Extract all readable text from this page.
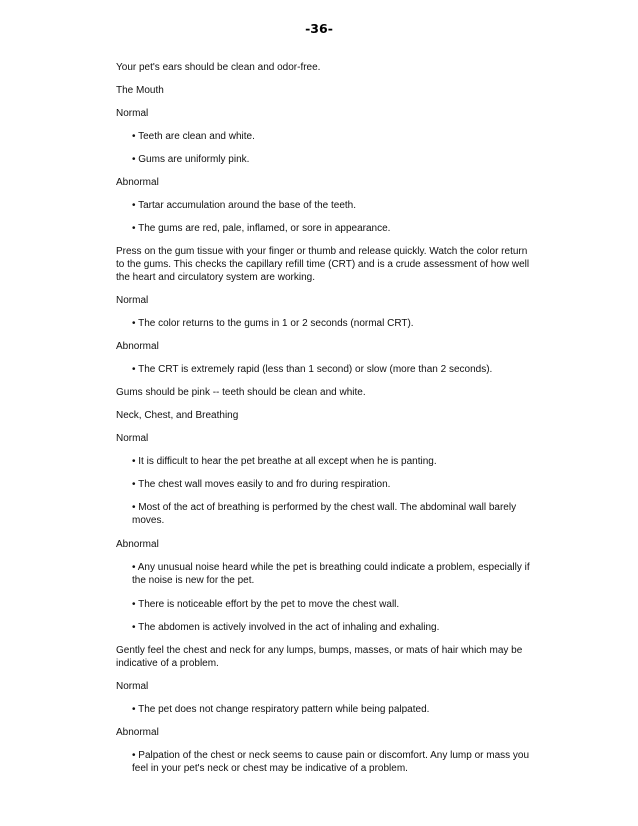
-36-

Your pet's ears should be clean and odor-free.

The Mouth

Normal

• Teeth are clean and white.

• Gums are uniformly pink.

Abnormal

• Tartar accumulation around the base of the teeth.

• The gums are red, pale, inflamed, or sore in appearance.

Press on the gum tissue with your finger or thumb and release quickly. Watch the color return to the gums. This checks the capillary refill time (CRT) and is a crude assessment of how well the heart and circulatory system are working.

Normal

• The color returns to the gums in 1 or 2 seconds (normal CRT).

Abnormal

• The CRT is extremely rapid (less than 1 second) or slow (more than 2 seconds).

Gums should be pink -- teeth should be clean and white.

Neck, Chest, and Breathing

Normal

• It is difficult to hear the pet breathe at all except when he is panting.

• The chest wall moves easily to and fro during respiration.

• Most of the act of breathing is performed by the chest wall. The abdominal wall barely moves.

Abnormal

• Any unusual noise heard while the pet is breathing could indicate a problem, especially if the noise is new for the pet.

• There is noticeable effort by the pet to move the chest wall.

• The abdomen is actively involved in the act of inhaling and exhaling.

Gently feel the chest and neck for any lumps, bumps, masses, or mats of hair which may be indicative of a problem.

Normal

• The pet does not change respiratory pattern while being palpated.

Abnormal

• Palpation of the chest or neck seems to cause pain or discomfort. Any lump or mass you feel in your pet's neck or chest may be indicative of a problem.
